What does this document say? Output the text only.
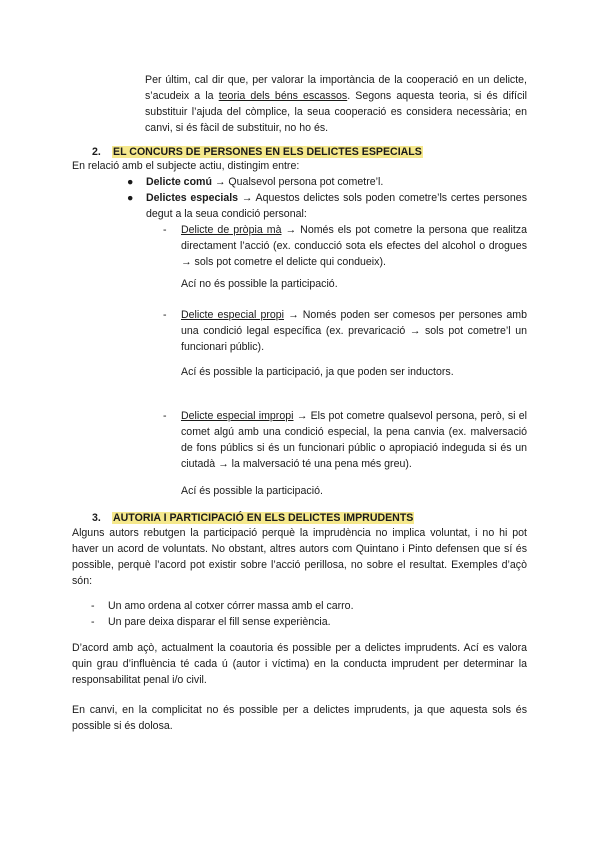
Per últim, cal dir que, per valorar la importància de la cooperació en un delicte, s’acudeix a la teoria dels béns escassos. Segons aquesta teoria, si és difícil substituir l’ajuda del còmplice, la seua cooperació es considera necessària; en canvi, si és fàcil de substituir, no ho és.

2. EL CONCURS DE PERSONES EN ELS DELICTES ESPECIALS

En relació amb el subjecte actiu, distingim entre:

● Delicte comú → Qualsevol persona pot cometre’l.

● Delictes especials → Aquestos delictes sols poden cometre’ls certes persones degut a la seua condició personal:

- Delicte de pròpia mà → Només els pot cometre la persona que realitza directament l’acció (ex. conducció sota els efectes del alcohol o drogues → sols pot cometre el delicte qui condueix).

Ací no és possible la participació.

- Delicte especial propi → Només poden ser comesos per persones amb una condició legal específica (ex. prevaricació → sols pot cometre’l un funcionari públic).

Ací és possible la participació, ja que poden ser inductors.

- Delicte especial impropi → Els pot cometre qualsevol persona, però, si el comet algú amb una condició especial, la pena canvia (ex. malversació de fons públics si és un funcionari públic o apropiació indeguda si és un ciutadà → la malversació té una pena més greu).

Ací és possible la participació.

3. AUTORIA I PARTICIPACIÓ EN ELS DELICTES IMPRUDENTS

Alguns autors rebutgen la participació perquè la imprudència no implica voluntat, i no hi pot haver un acord de voluntats. No obstant, altres autors com Quintano i Pinto defensen que sí és possible, perquè l’acord pot existir sobre l’acció perillosa, no sobre el resultat. Exemples d’açò són:

- Un amo ordena al cotxer córrer massa amb el carro.

- Un pare deixa disparar el fill sense experiència.

D’acord amb açò, actualment la coautoria és possible per a delictes imprudents. Ací es valora quin grau d’influència té cada ú (autor i víctima) en la conducta imprudent per determinar la responsabilitat penal i/o civil.

En canvi, en la complicitat no és possible per a delictes imprudents, ja que aquesta sols és possible si és dolosa.
